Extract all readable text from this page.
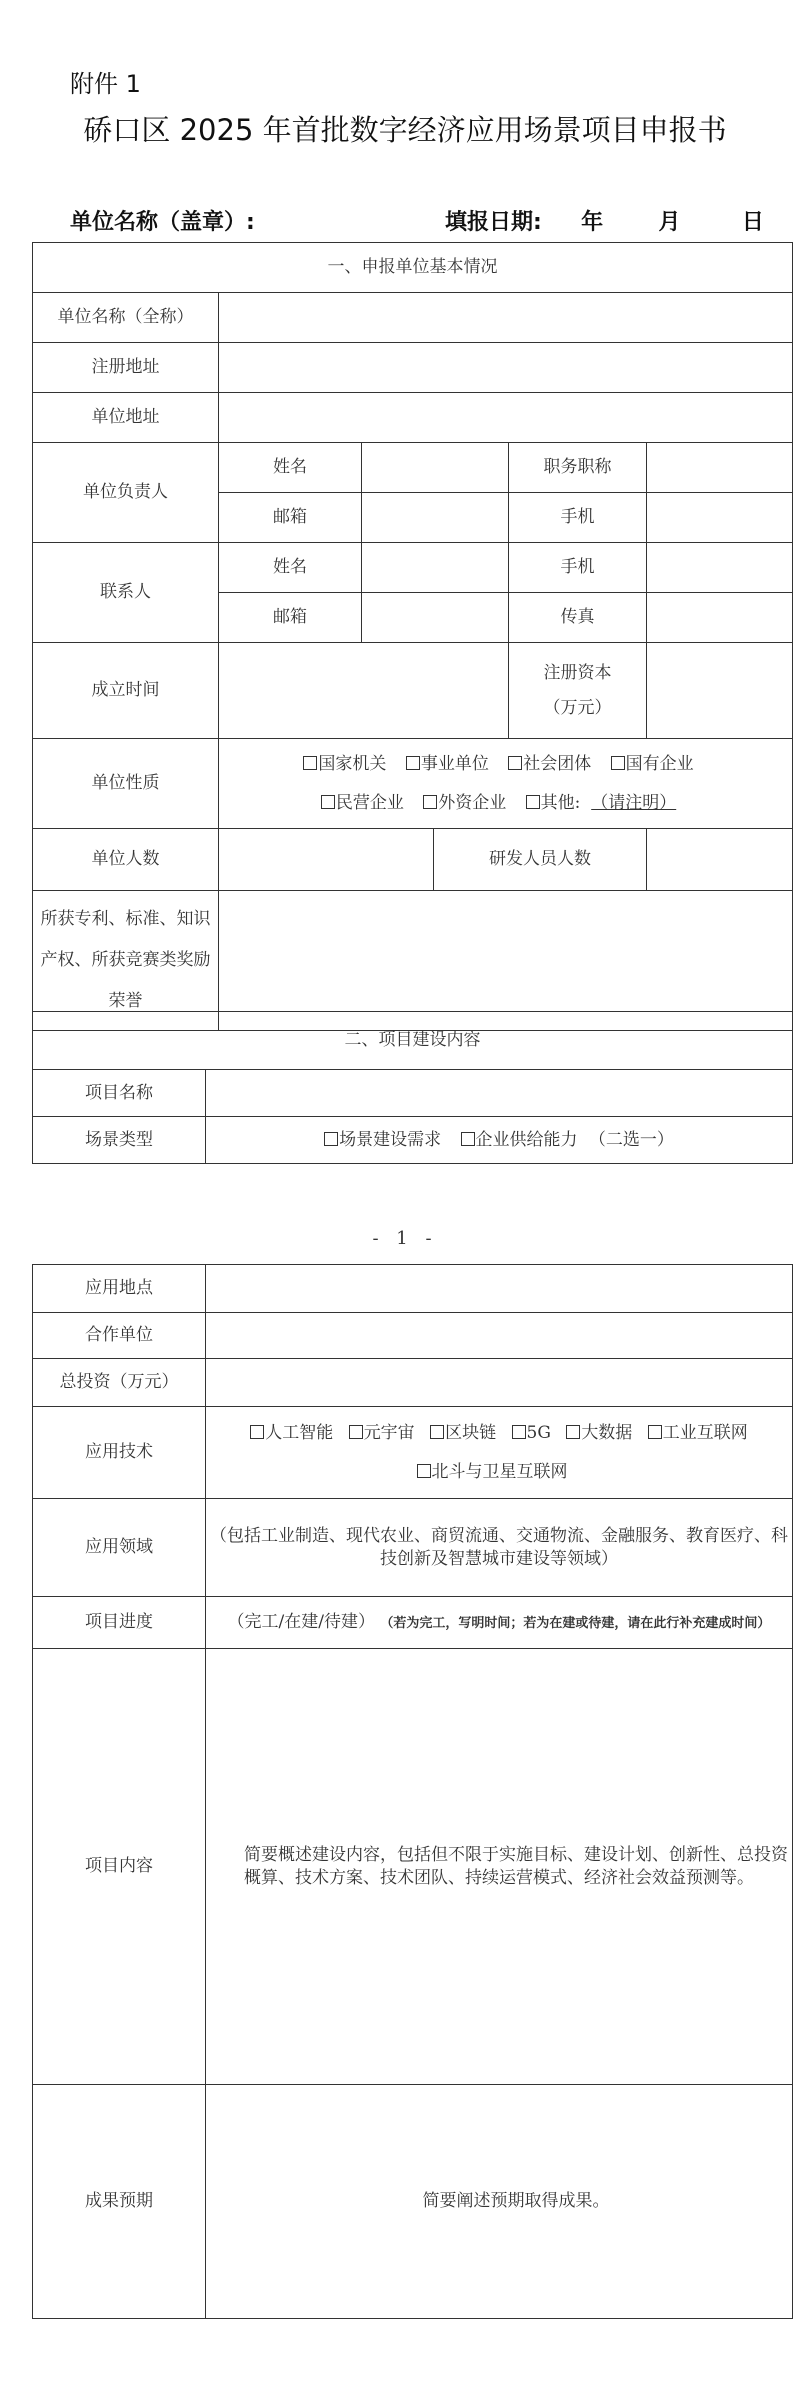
附件 1
硚口区 2025 年首批数字经济应用场景项目申报书
单位名称（盖章）:	填报日期: 年	月	日
一、申报单位基本情况					
单位名称（全称）					
注册地址					
单位地址					
单位负责人	姓名			职务职称	
	邮箱			手机	
联系人	姓名			手机	
	邮箱			传真	
成立时间				注册资本
（万元）	

单位性质	国家机关 事业单位 社会团体 国有企业
民营企业 外资企业 其他: （请注明）				

单位人数			研发人员人数		

所获专利、标准、知识
产权、所获竞赛类奖励
荣誉					

二、项目建设内容	
项目名称	
场景类型	场景建设需求 企业供给能力 （二选一）
- 1 -
应用地点	
合作单位	
总投资（万元）	
应用技术	人工智能 元宇宙 区块链 5G 大数据 工业互联网
北斗与卫星互联网

应用领域	（包括工业制造、现代农业、商贸流通、交通物流、金融服务、教育医疗、科技创新及智慧城市建设等领域）
项目进度	（完工/在建/待建） （若为完工，写明时间；若为在建或待建，请在此行补充建成时间）
项目内容	简要概述建设内容，包括但不限于实施目标、建设计划、创新性、总投资概算、技术方案、技术团队、持续运营模式、经济社会效益预测等。
成果预期	简要阐述预期取得成果。
